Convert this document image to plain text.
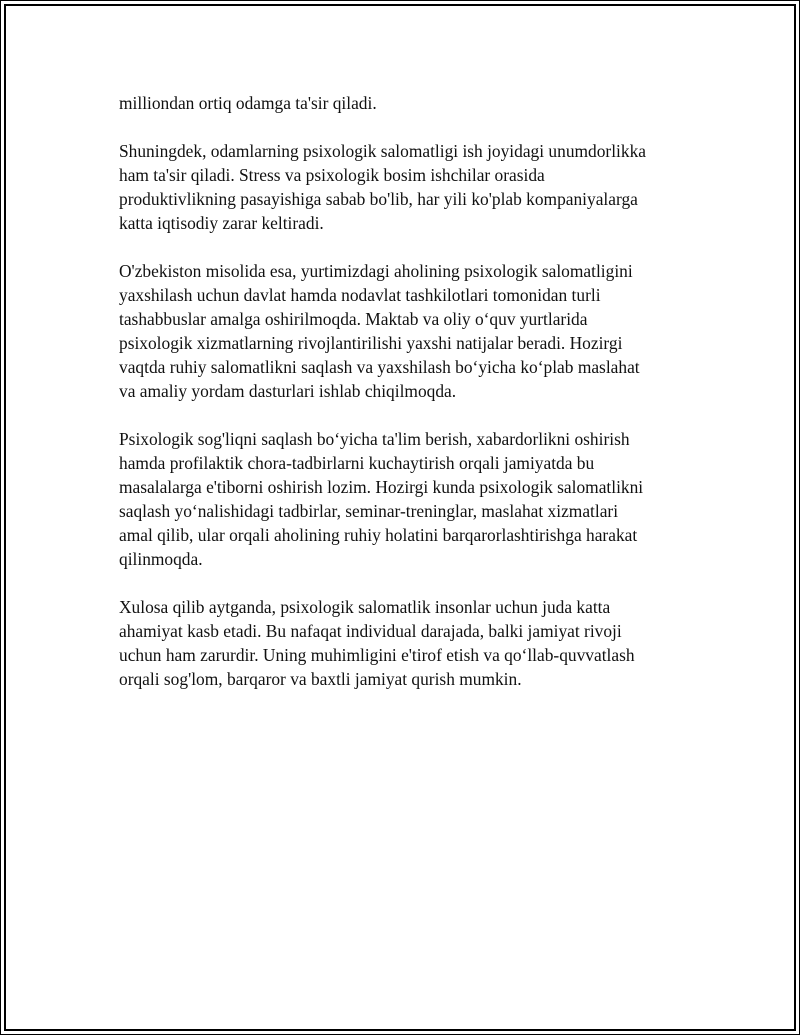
milliondan ortiq odamga ta'sir qiladi.

Shuningdek, odamlarning psixologik salomatligi ish joyidagi unumdorlikka
ham ta'sir qiladi. Stress va psixologik bosim ishchilar orasida
produktivlikning pasayishiga sabab bo'lib, har yili ko'plab kompaniyalarga
katta iqtisodiy zarar keltiradi.

O'zbekiston misolida esa, yurtimizdagi aholining psixologik salomatligini
yaxshilash uchun davlat hamda nodavlat tashkilotlari tomonidan turli
tashabbuslar amalga oshirilmoqda. Maktab va oliy o‘quv yurtlarida
psixologik xizmatlarning rivojlantirilishi yaxshi natijalar beradi. Hozirgi
vaqtda ruhiy salomatlikni saqlash va yaxshilash bo‘yicha ko‘plab maslahat
va amaliy yordam dasturlari ishlab chiqilmoqda.

Psixologik sog'liqni saqlash bo‘yicha ta'lim berish, xabardorlikni oshirish
hamda profilaktik chora-tadbirlarni kuchaytirish orqali jamiyatda bu
masalalarga e'tiborni oshirish lozim. Hozirgi kunda psixologik salomatlikni
saqlash yo‘nalishidagi tadbirlar, seminar-treninglar, maslahat xizmatlari
amal qilib, ular orqali aholining ruhiy holatini barqarorlashtirishga harakat
qilinmoqda.

Xulosa qilib aytganda, psixologik salomatlik insonlar uchun juda katta
ahamiyat kasb etadi. Bu nafaqat individual darajada, balki jamiyat rivoji
uchun ham zarurdir. Uning muhimligini e'tirof etish va qo‘llab-quvvatlash
orqali sog'lom, barqaror va baxtli jamiyat qurish mumkin.
